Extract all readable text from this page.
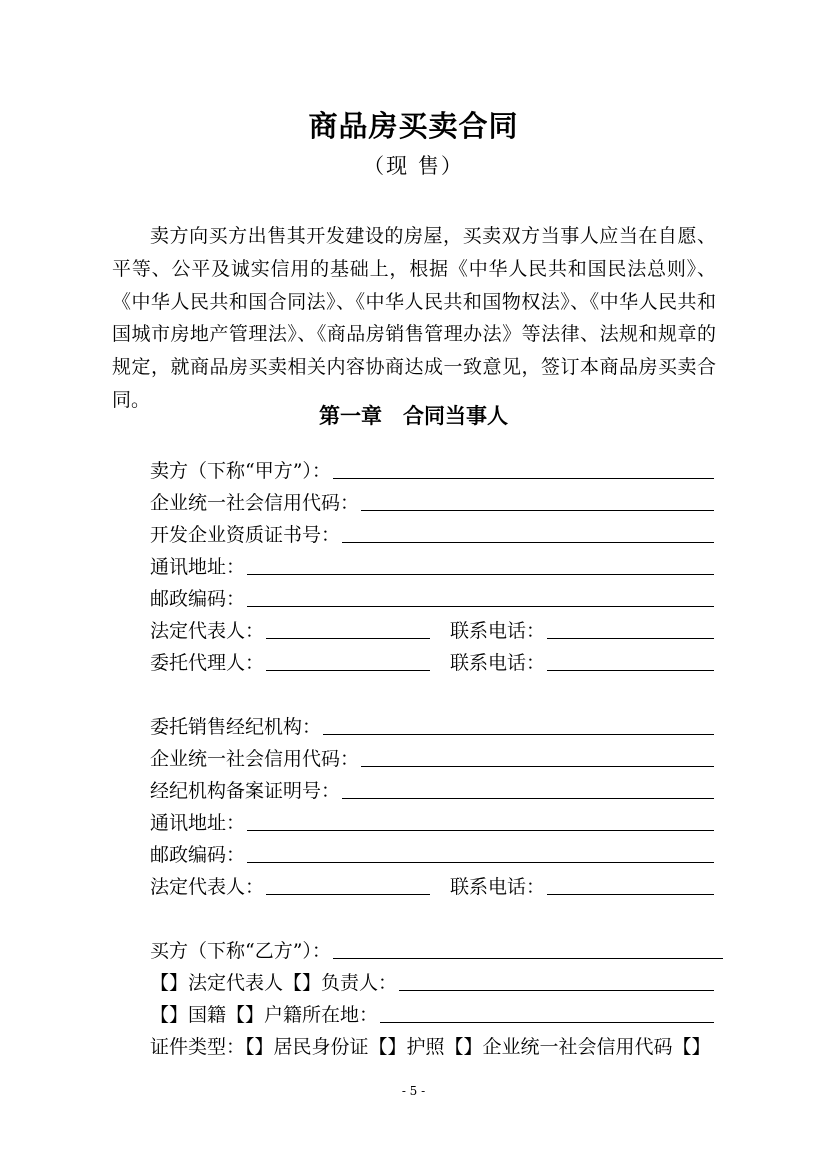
商品房买卖合同
（现 售）

卖方向买方出售其开发建设的房屋，买卖双方当事人应当在自愿、平等、公平及诚实信用的基础上，根据《中华人民共和国民法总则》、《中华人民共和国合同法》、《中华人民共和国物权法》、《中华人民共和国城市房地产管理法》、《商品房销售管理办法》等法律、法规和规章的规定，就商品房买卖相关内容协商达成一致意见，签订本商品房买卖合同。

第一章　合同当事人
卖方（下称“甲方”）：
企业统一社会信用代码：
开发企业资质证书号：
通讯地址：
邮政编码：
法定代表人：	联系电话：
委托代理人：	联系电话：
委托销售经纪机构：
企业统一社会信用代码：
经纪机构备案证明号：
通讯地址：
邮政编码：
法定代表人：	联系电话：
买方（下称“乙方”）：
【】法定代表人【】负责人：
【】国籍【】户籍所在地：
证件类型：【】居民身份证【】护照【】企业统一社会信用代码【】
- 5 -
